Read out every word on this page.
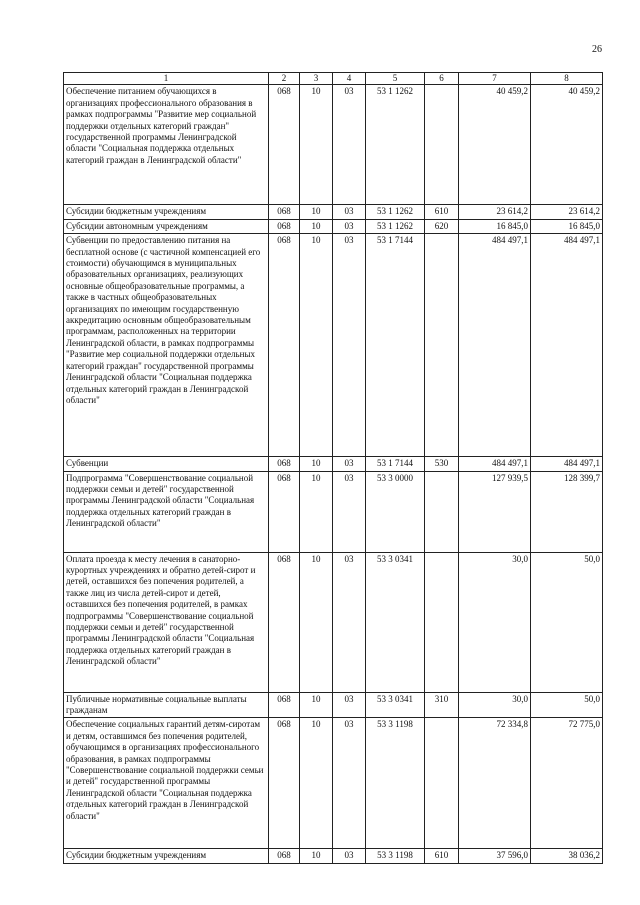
26
1	2	3	4	5	6	7	8
Обеспечение питанием обучающихся в организациях профессионального образования в рамках подпрограммы "Развитие мер социальной поддержки отдельных категорий граждан" государственной программы Ленинградской области "Социальная поддержка отдельных категорий граждан в Ленинградской области"	068	10	03	53 1 1262		40 459,2	40 459,2
Субсидии бюджетным учреждениям	068	10	03	53 1 1262	610	23 614,2	23 614,2
Субсидии автономным учреждениям	068	10	03	53 1 1262	620	16 845,0	16 845,0
Субвенции по предоставлению питания на бесплатной основе (с частичной компенсацией его стоимости) обучающимся в муниципальных образовательных организациях, реализующих основные общеобразовательные программы, а также в частных общеобразовательных организациях по имеющим государственную аккредитацию основным общеобразовательным программам, расположенных на территории Ленинградской области, в рамках подпрограммы "Развитие мер социальной поддержки отдельных категорий граждан" государственной программы Ленинградской области "Социальная поддержка отдельных категорий граждан в Ленинградской области"	068	10	03	53 1 7144		484 497,1	484 497,1
Субвенции	068	10	03	53 1 7144	530	484 497,1	484 497,1
Подпрограмма "Совершенствование социальной поддержки семьи и детей" государственной программы Ленинградской области "Социальная поддержка отдельных категорий граждан в Ленинградской области"	068	10	03	53 3 0000		127 939,5	128 399,7
Оплата проезда к месту лечения в санаторно-курортных учреждениях и обратно детей-сирот и детей, оставшихся без попечения родителей, а также лиц из числа детей-сирот и детей, оставшихся без попечения родителей, в рамках подпрограммы "Совершенствование социальной поддержки семьи и детей" государственной программы Ленинградской области "Социальная поддержка отдельных категорий граждан в Ленинградской области"	068	10	03	53 3 0341		30,0	50,0
Публичные нормативные социальные выплаты гражданам	068	10	03	53 3 0341	310	30,0	50,0
Обеспечение социальных гарантий детям-сиротам и детям, оставшимся без попечения родителей, обучающимся в организациях профессионального образования, в рамках подпрограммы "Совершенствование социальной поддержки семьи и детей" государственной программы Ленинградской области "Социальная поддержка отдельных категорий граждан в Ленинградской области"	068	10	03	53 3 1198		72 334,8	72 775,0
Субсидии бюджетным учреждениям	068	10	03	53 3 1198	610	37 596,0	38 036,2
